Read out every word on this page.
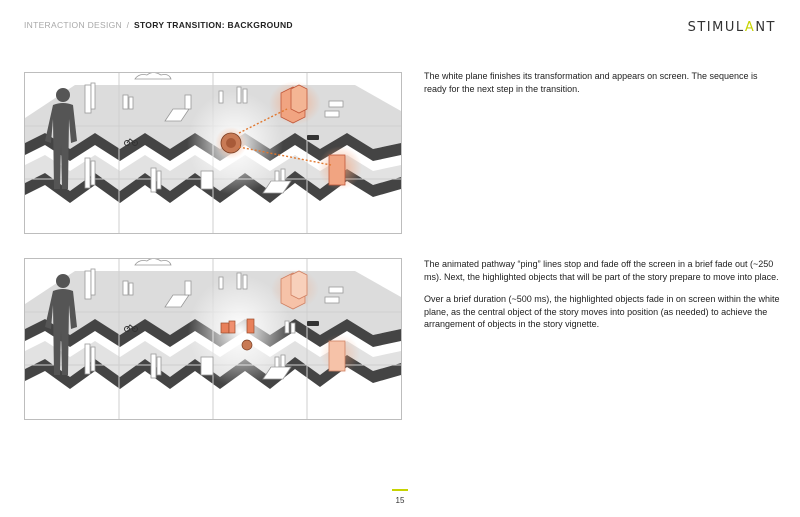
INTERACTION DESIGN / STORY TRANSITION: BACKGROUND	STIMULANT

The white plane finishes its transformation and appears on screen. The sequence is ready for the next step in the transition.

The animated pathway “ping” lines stop and fade off the screen in a brief fade out (~250 ms). Next, the highlighted objects that will be part of the story prepare to move into place.

Over a brief duration (~500 ms), the highlighted objects fade in on screen within the white plane, as the central object of the story moves into position (as needed) to achieve the arrangement of objects in the story vignette.

15
